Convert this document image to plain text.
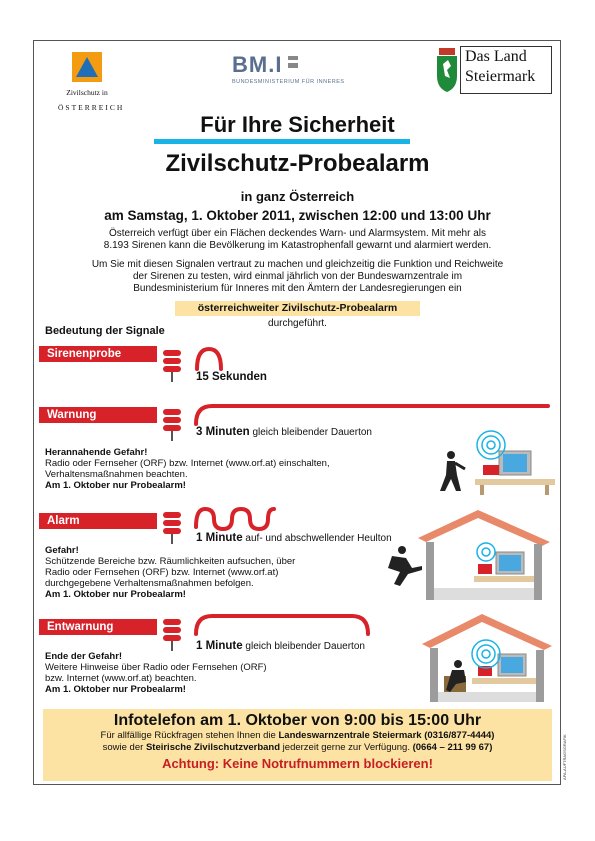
Zivilschutz in
ÖSTERREICH
BM.I
BUNDESMINISTERIUM FÜR INNERES
Das Land
Steiermark
Für Ihre Sicherheit
Zivilschutz-Probealarm
in ganz Österreich
am Samstag, 1. Oktober 2011, zwischen 12:00 und 13:00 Uhr
Österreich verfügt über ein Flächen deckendes Warn- und Alarmsystem. Mit mehr als
8.193 Sirenen kann die Bevölkerung im Katastrophenfall gewarnt und alarmiert werden.
Um Sie mit diesen Signalen vertraut zu machen und gleichzeitig die Funktion und Reichweite
der Sirenen zu testen, wird einmal jährlich von der Bundeswarnzentrale im
Bundesministerium für Inneres mit den Ämtern der Landesregierungen ein
österreichweiter Zivilschutz-Probealarm
durchgeführt.
Bedeutung der Signale
Sirenenprobe
15 Sekunden
Warnung
3 Minuten gleich bleibender Dauerton
Herannahende Gefahr!
Radio oder Fernseher (ORF) bzw. Internet (www.orf.at) einschalten,
Verhaltensmaßnahmen beachten.
Am 1. Oktober nur Probealarm!
Alarm
1 Minute auf- und abschwellender Heulton
Gefahr!
Schützende Bereiche bzw. Räumlichkeiten aufsuchen, über
Radio oder Fernsehen (ORF) bzw. Internet (www.orf.at)
durchgegebene Verhaltensmaßnahmen befolgen.
Am 1. Oktober nur Probealarm!
Entwarnung
1 Minute gleich bleibender Dauerton
Ende der Gefahr!
Weitere Hinweise über Radio oder Fernsehen (ORF)
bzw. Internet (www.orf.at) beachten.
Am 1. Oktober nur Probealarm!
Infotelefon am 1. Oktober von 9:00 bis 15:00 Uhr
Für allfällige Rückfragen stehen Ihnen die Landeswarnzentrale Steiermark (0316/877-4444)
sowie der Steirische Zivilschutzverband jederzeit gerne zur Verfügung. (0664 – 211 99 67)
Achtung: Keine Notrufnummern blockieren!	APA-AUFTRAGSGRAFIK
